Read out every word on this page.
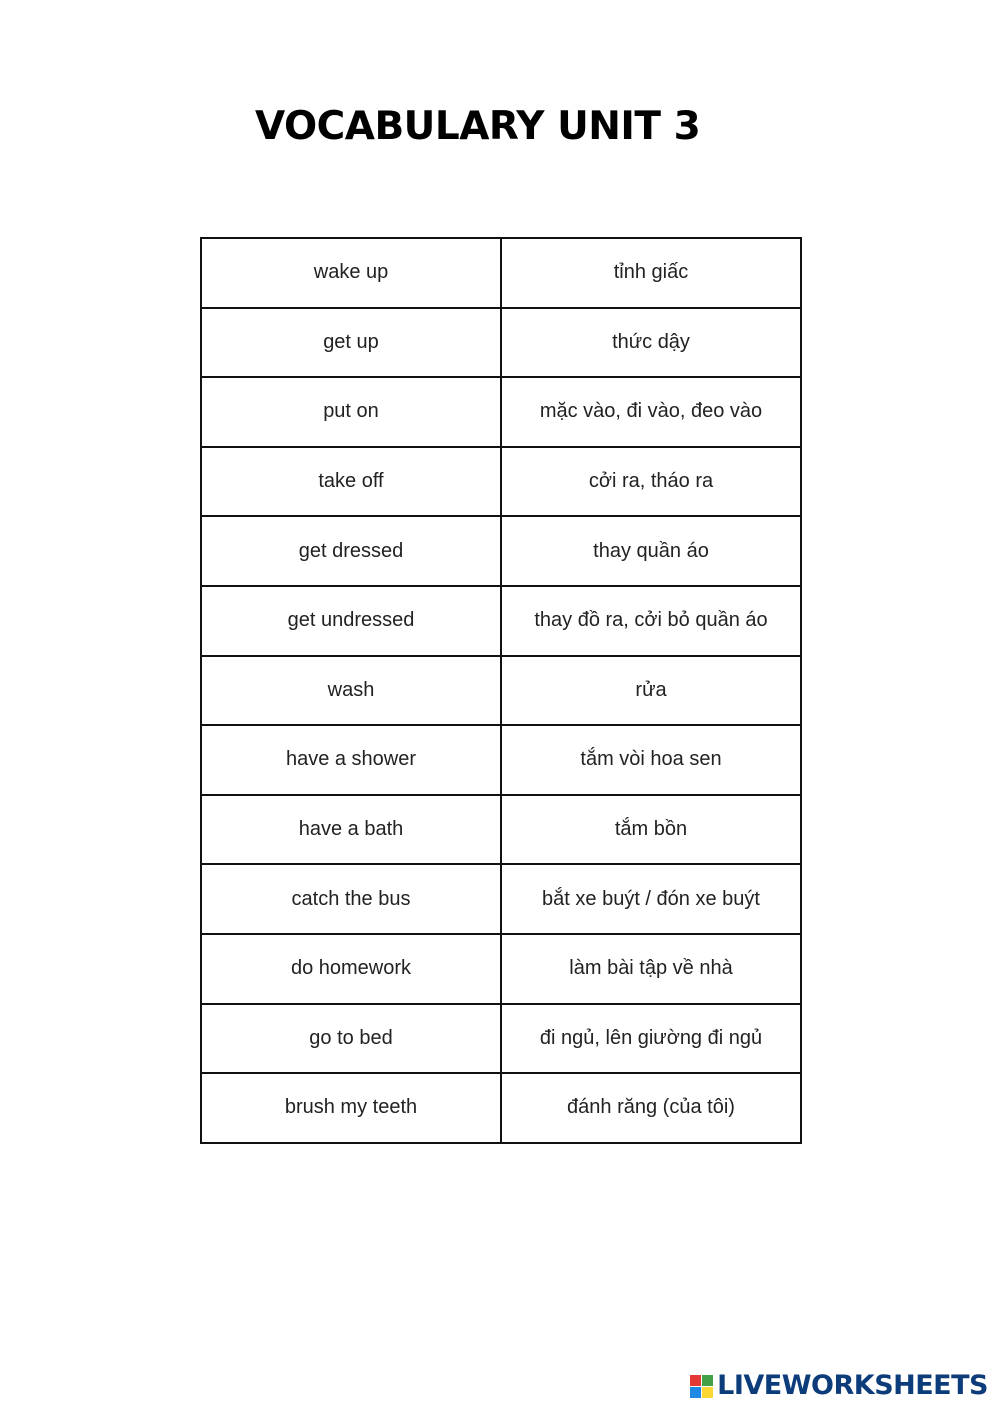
VOCABULARY UNIT 3
wake up	tỉnh giấc
get up	thức dậy
put on	mặc vào, đi vào, đeo vào
take off	cởi ra, tháo ra
get dressed	thay quần áo
get undressed	thay đồ ra, cởi bỏ quần áo
wash	rửa
have a shower	tắm vòi hoa sen
have a bath	tắm bồn
catch the bus	bắt xe buýt / đón xe buýt
do homework	làm bài tập về nhà
go to bed	đi ngủ, lên giường đi ngủ
brush my teeth	đánh răng (của tôi)
LIVEWORKSHEETS
